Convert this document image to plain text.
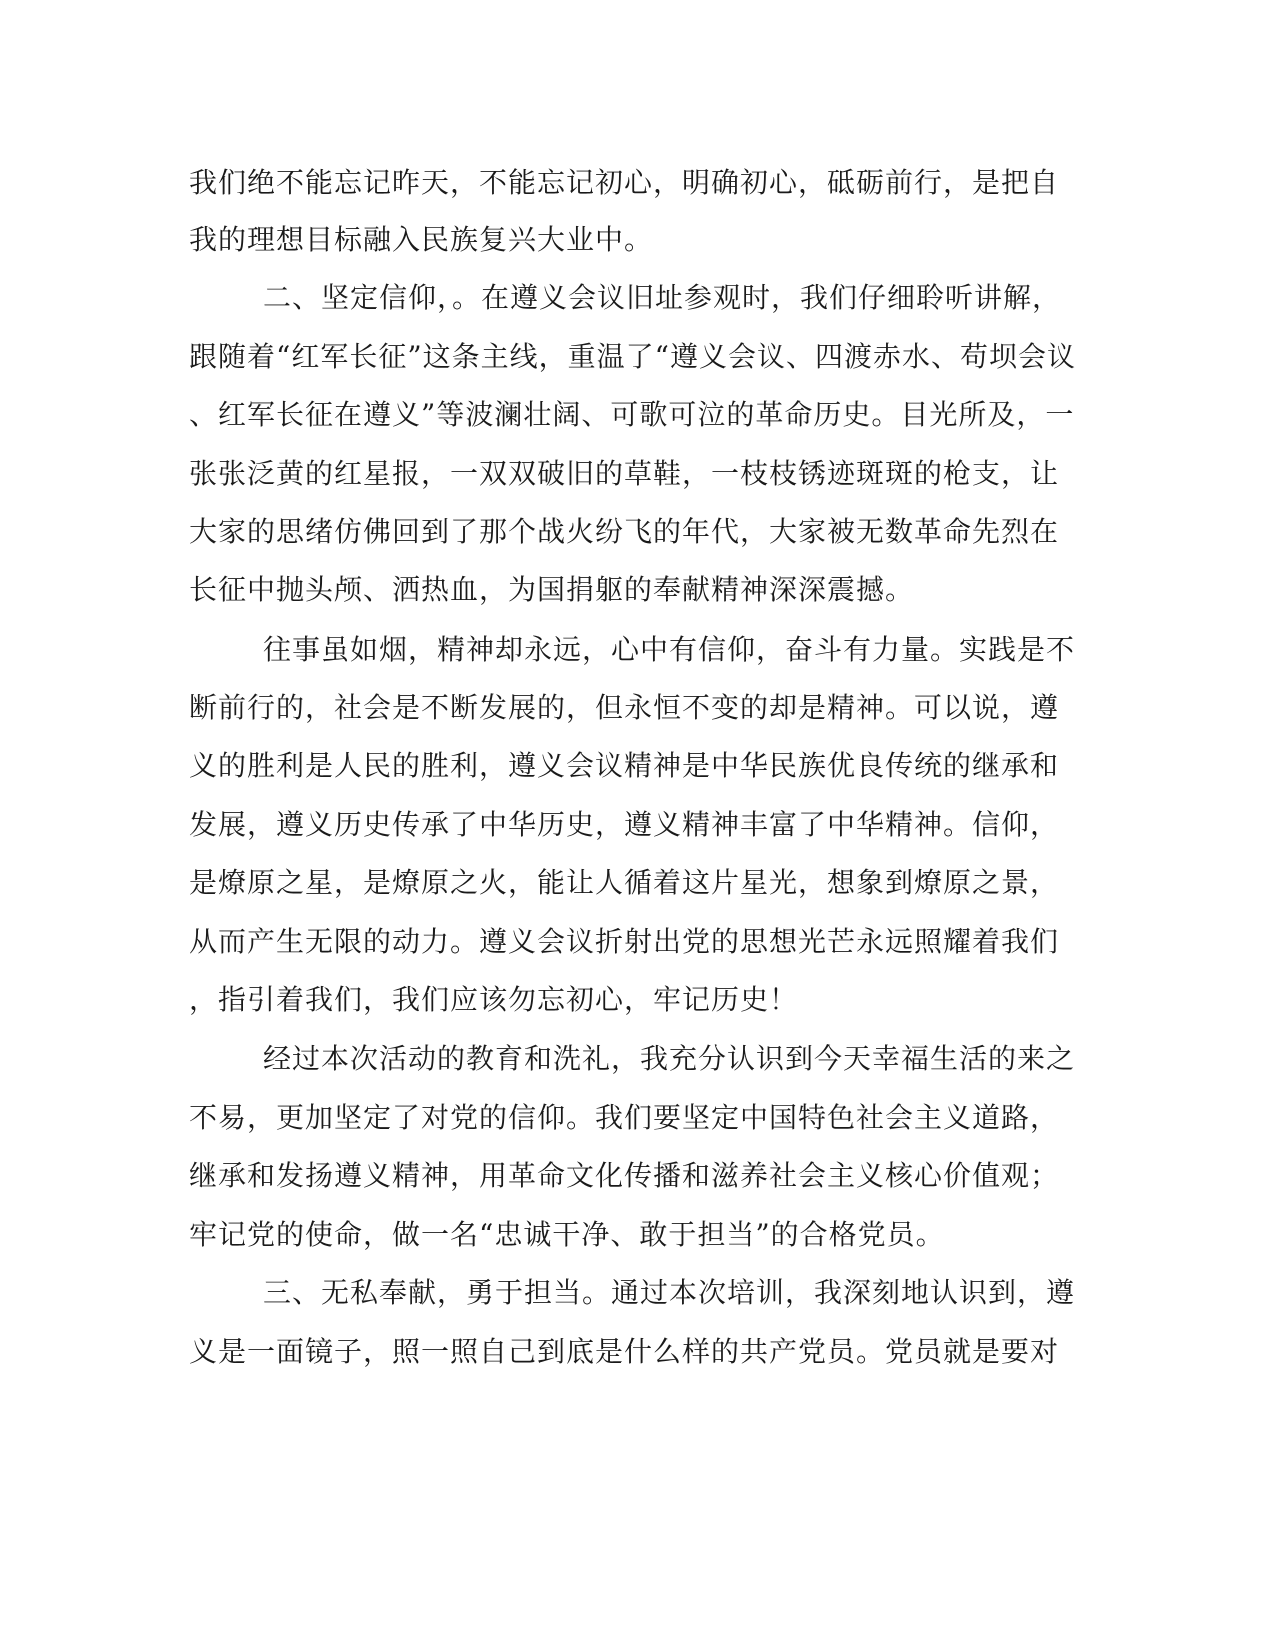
我们绝不能忘记昨天，不能忘记初心，明确初心，砥砺前行，是把自
我的理想目标融入民族复兴大业中。
二、坚定信仰，。在遵义会议旧址参观时，我们仔细聆听讲解，
跟随着“红军长征”这条主线，重温了“遵义会议、四渡赤水、苟坝会议
、红军长征在遵义”等波澜壮阔、可歌可泣的革命历史。目光所及，一
张张泛黄的红星报，一双双破旧的草鞋，一枝枝锈迹斑斑的枪支，让
大家的思绪仿佛回到了那个战火纷飞的年代，大家被无数革命先烈在
长征中抛头颅、洒热血，为国捐躯的奉献精神深深震撼。
往事虽如烟，精神却永远，心中有信仰，奋斗有力量。实践是不
断前行的，社会是不断发展的，但永恒不变的却是精神。可以说，遵
义的胜利是人民的胜利，遵义会议精神是中华民族优良传统的继承和
发展，遵义历史传承了中华历史，遵义精神丰富了中华精神。信仰，
是燎原之星，是燎原之火，能让人循着这片星光，想象到燎原之景，
从而产生无限的动力。遵义会议折射出党的思想光芒永远照耀着我们
，指引着我们，我们应该勿忘初心，牢记历史！
经过本次活动的教育和洗礼，我充分认识到今天幸福生活的来之
不易，更加坚定了对党的信仰。我们要坚定中国特色社会主义道路，
继承和发扬遵义精神，用革命文化传播和滋养社会主义核心价值观；
牢记党的使命，做一名“忠诚干净、敢于担当”的合格党员。
三、无私奉献，勇于担当。通过本次培训，我深刻地认识到，遵
义是一面镜子，照一照自己到底是什么样的共产党员。党员就是要对
